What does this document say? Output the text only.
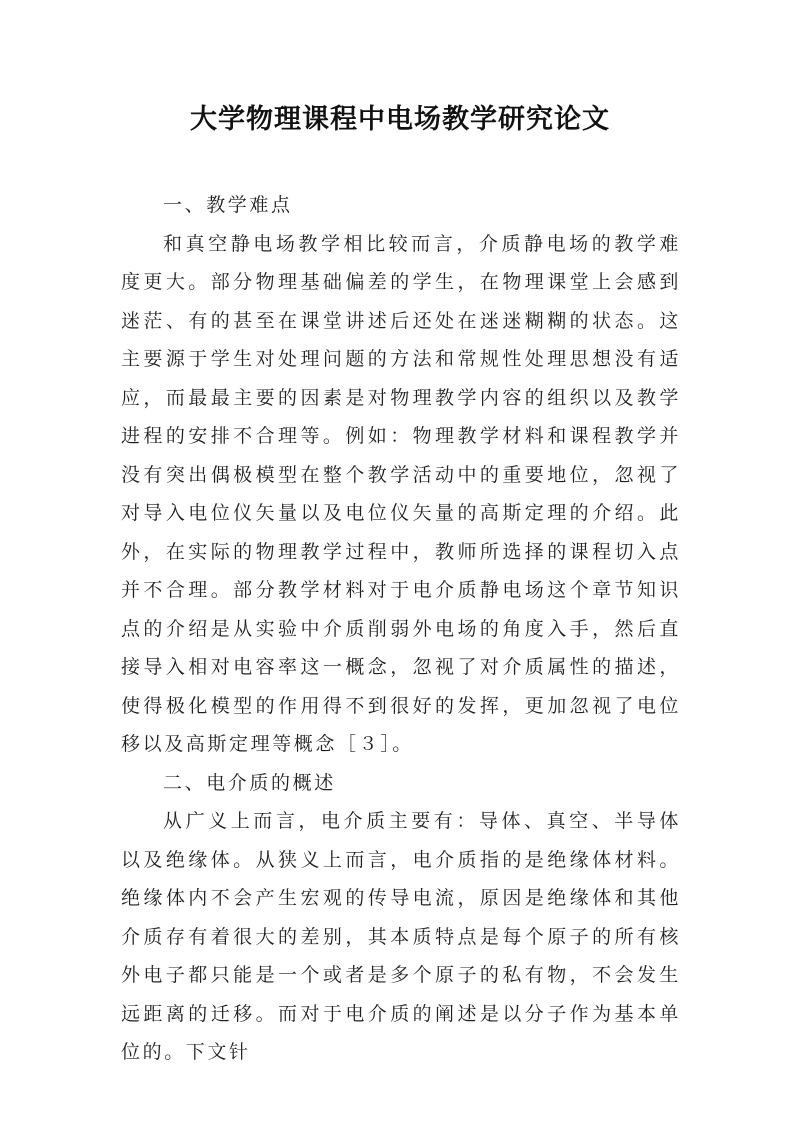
大学物理课程中电场教学研究论文

一、教学难点

和真空静电场教学相比较而言，介质静电场的教学难度更大。部分物理基础偏差的学生，在物理课堂上会感到迷茫、有的甚至在课堂讲述后还处在迷迷糊糊的状态。这主要源于学生对处理问题的方法和常规性处理思想没有适应，而最最主要的因素是对物理教学内容的组织以及教学进程的安排不合理等。例如：物理教学材料和课程教学并没有突出偶极模型在整个教学活动中的重要地位，忽视了对导入电位仪矢量以及电位仪矢量的高斯定理的介绍。此外，在实际的物理教学过程中，教师所选择的课程切入点并不合理。部分教学材料对于电介质静电场这个章节知识点的介绍是从实验中介质削弱外电场的角度入手，然后直接导入相对电容率这一概念，忽视了对介质属性的描述，使得极化模型的作用得不到很好的发挥，更加忽视了电位移以及高斯定理等概念［３］。

二、电介质的概述

从广义上而言，电介质主要有：导体、真空、半导体以及绝缘体。从狭义上而言，电介质指的是绝缘体材料。绝缘体内不会产生宏观的传导电流，原因是绝缘体和其他介质存有着很大的差别，其本质特点是每个原子的所有核外电子都只能是一个或者是多个原子的私有物，不会发生远距离的迁移。而对于电介质的阐述是以分子作为基本单位的。下文针
